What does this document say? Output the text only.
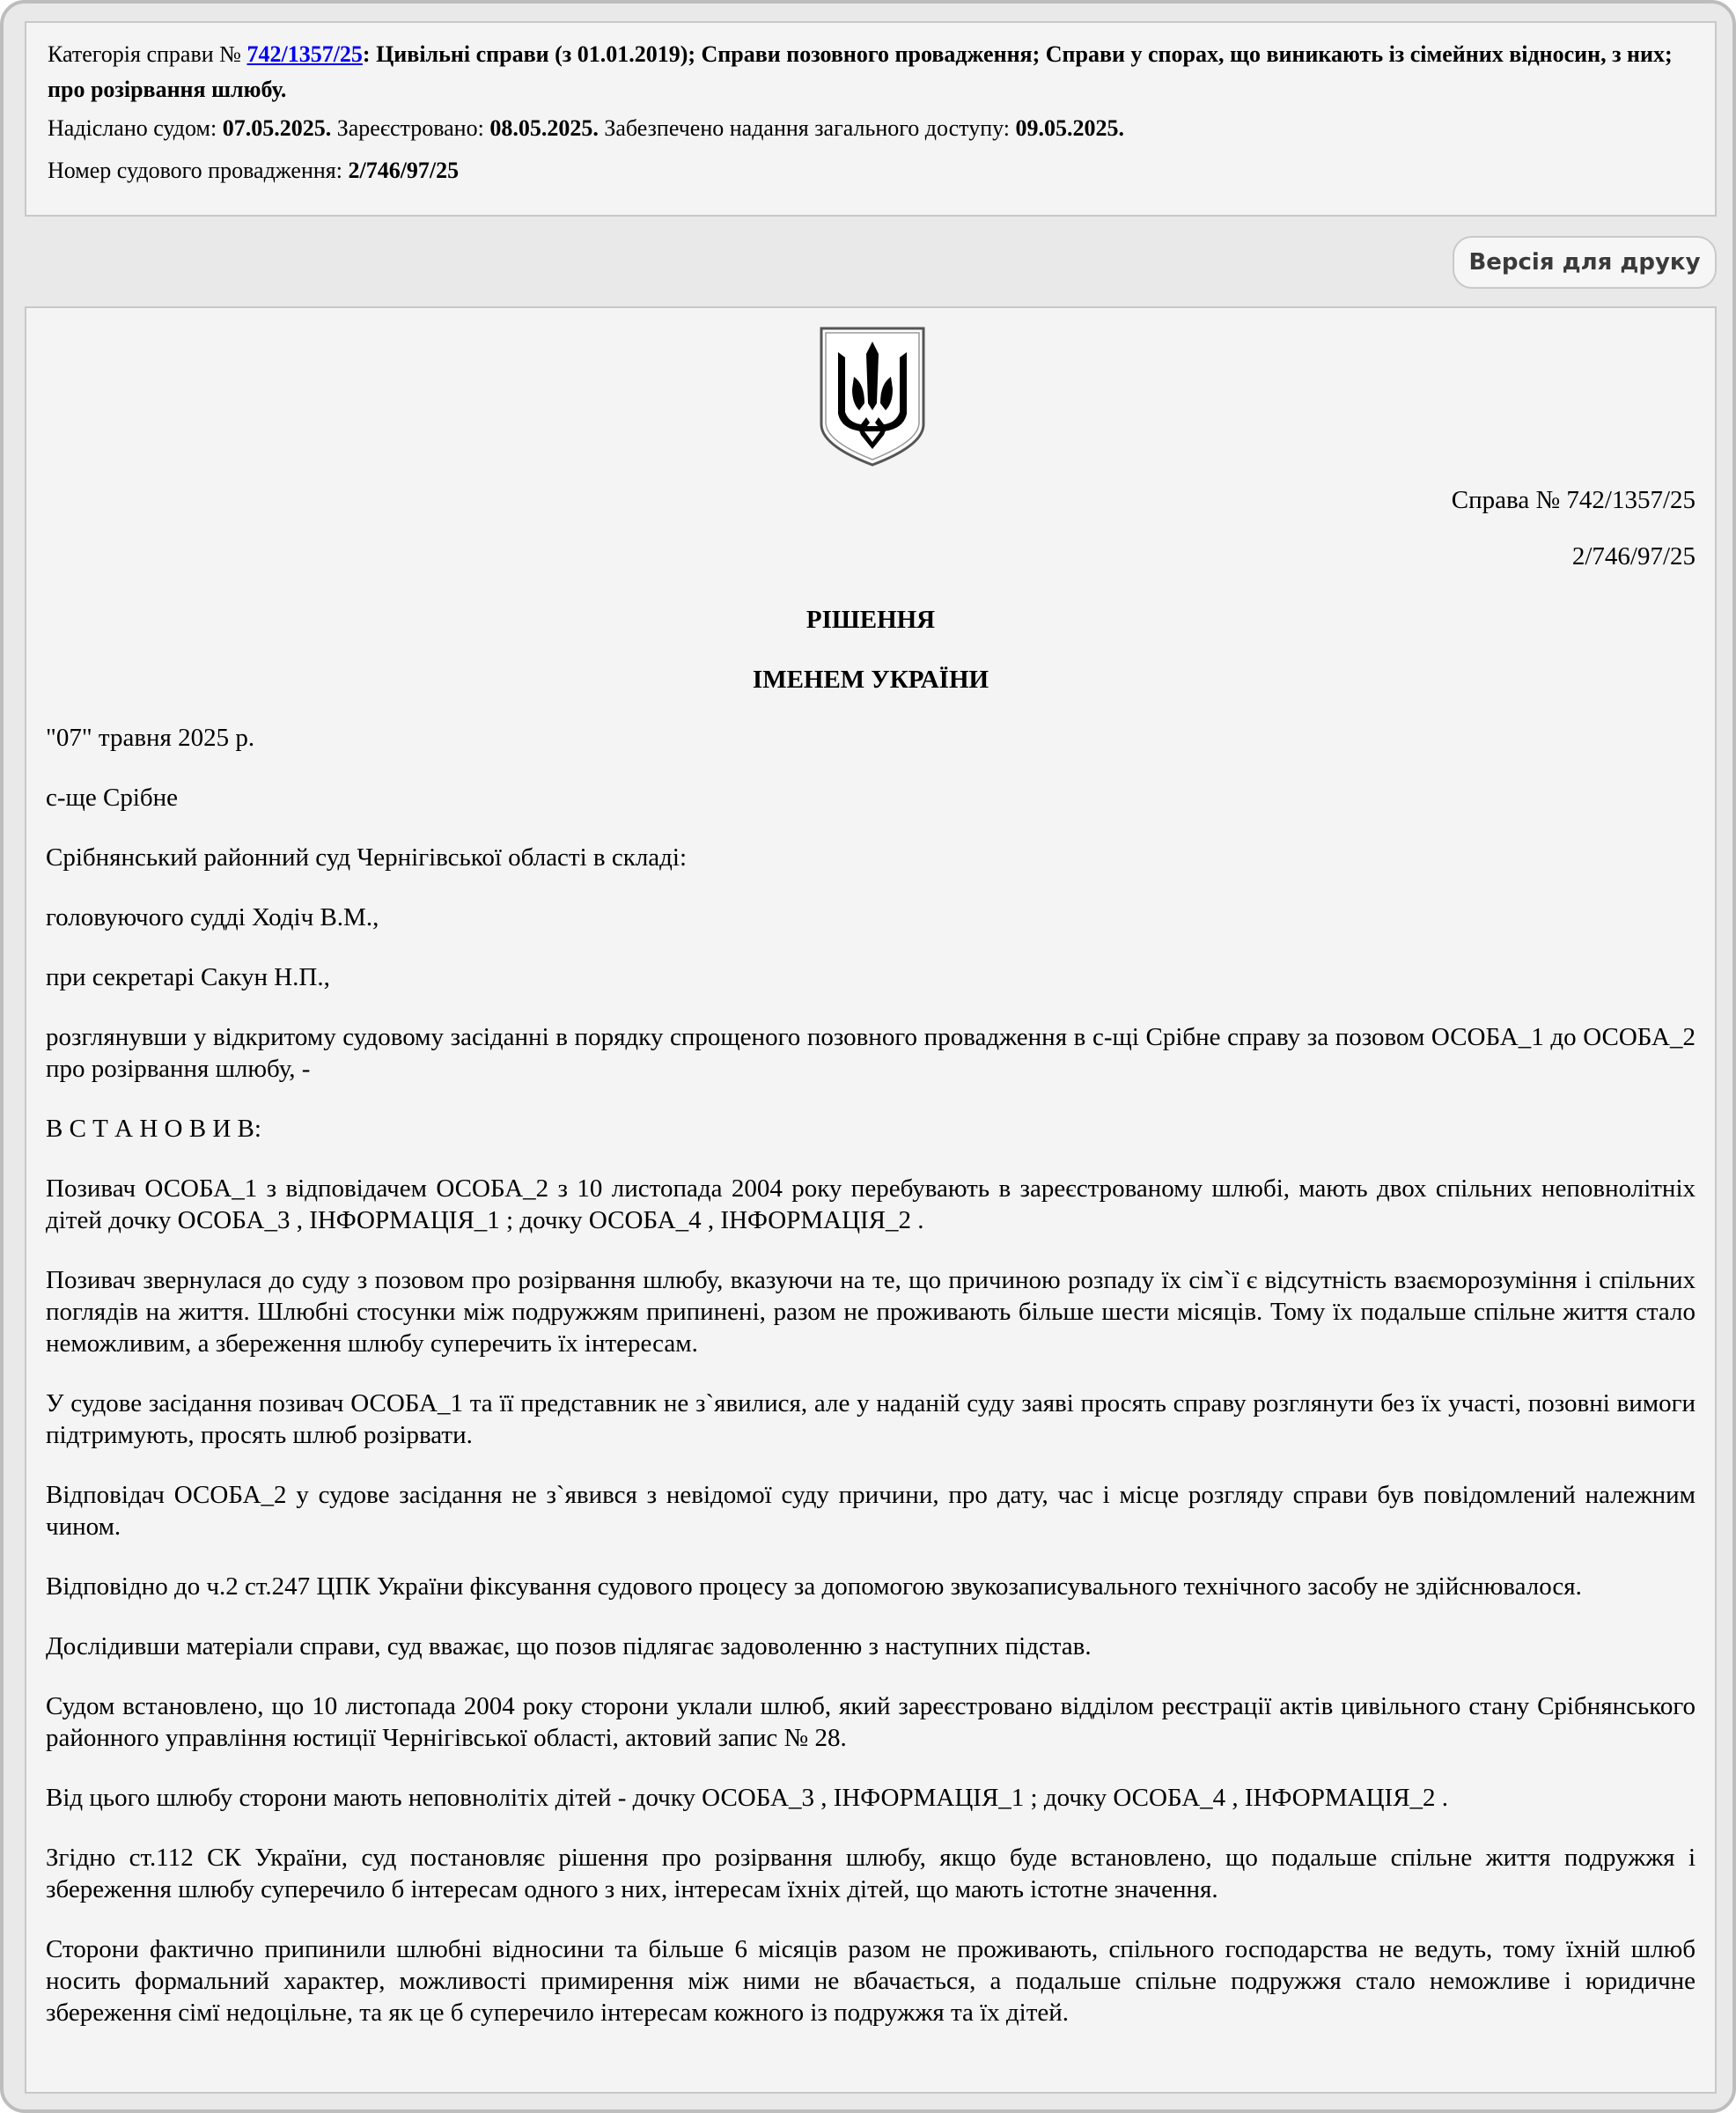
Категорія справи № 742/1357/25: Цивільні справи (з 01.01.2019); Справи позовного провадження; Справи у спорах, що виникають із сімейних відносин, з них; про розірвання шлюбу.

Надіслано судом: 07.05.2025. Зареєстровано: 08.05.2025. Забезпечено надання загального доступу: 09.05.2025.

Номер судового провадження: 2/746/97/25

Версія для друку

Справа № 742/1357/25

2/746/97/25

РІШЕННЯ

ІМЕНЕМ УКРАЇНИ

"07" травня 2025 р.

с-ще Срібне

Срібнянський районний суд Чернігівської області в складі:

головуючого судді Ходіч В.М.,

при секретарі Сакун Н.П.,

розглянувши у відкритому судовому засіданні в порядку спрощеного позовного провадження в с-щі Срібне справу за позовом ОСОБА_1 до ОСОБА_2 про розірвання шлюбу, -

В С Т А Н О В И В:

Позивач ОСОБА_1 з відповідачем ОСОБА_2 з 10 листопада 2004 року перебувають в зареєстрованому шлюбі, мають двох спільних неповнолітніх дітей дочку ОСОБА_3 , ІНФОРМАЦІЯ_1 ; дочку ОСОБА_4 , ІНФОРМАЦІЯ_2 .

Позивач звернулася до суду з позовом про розірвання шлюбу, вказуючи на те, що причиною розпаду їх сім`ї є відсутність взаєморозуміння і спільних поглядів на життя. Шлюбні стосунки між подружжям припинені, разом не проживають більше шести місяців. Тому їх подальше спільне життя стало неможливим, а збереження шлюбу суперечить їх інтересам.

У судове засідання позивач ОСОБА_1 та її представник не з`явилися, але у наданій суду заяві просять справу розглянути без їх участі, позовні вимоги підтримують, просять шлюб розірвати.

Відповідач ОСОБА_2 у судове засідання не з`явився з невідомої суду причини, про дату, час і місце розгляду справи був повідомлений належним чином.

Відповідно до ч.2 ст.247 ЦПК України фіксування судового процесу за допомогою звукозаписувального технічного засобу не здійснювалося.

Дослідивши матеріали справи, суд вважає, що позов підлягає задоволенню з наступних підстав.

Судом встановлено, що 10 листопада 2004 року сторони уклали шлюб, який зареєстровано відділом реєстрації актів цивільного стану Срібнянського районного управління юстиції Чернігівської області, актовий запис № 28.

Від цього шлюбу сторони мають неповнолітіх дітей - дочку ОСОБА_3 , ІНФОРМАЦІЯ_1 ; дочку ОСОБА_4 , ІНФОРМАЦІЯ_2 .

Згідно ст.112 СК України, суд постановляє рішення про розірвання шлюбу, якщо буде встановлено, що подальше спільне життя подружжя і збереження шлюбу суперечило б інтересам одного з них, інтересам їхніх дітей, що мають істотне значення.

Сторони фактично припинили шлюбні відносини та більше 6 місяців разом не проживають, спільного господарства не ведуть, тому їхній шлюб носить формальний характер, можливості примирення між ними не вбачається, а подальше спільне подружжя стало неможливе і юридичне збереження сімї недоцільне, та як це б суперечило інтересам кожного із подружжя та їх дітей.
